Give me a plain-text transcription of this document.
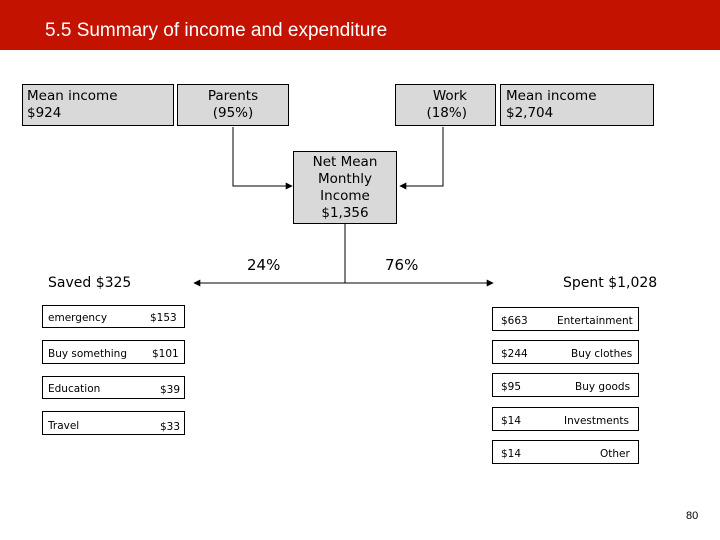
5.5 Summary of income and expenditure
Mean income
$924
Parents
(95%)
Work
(18%)
Mean income
$2,704
Net Mean
Monthly
Income
$1,356
24%	76%
Saved $325	Spent $1,028
emergency	$153
Buy something $101
Education	$39
Travel	$33
$663	Entertainment
$244	Buy clothes
$95	Buy goods
$14	Investments
$14	Other
80
